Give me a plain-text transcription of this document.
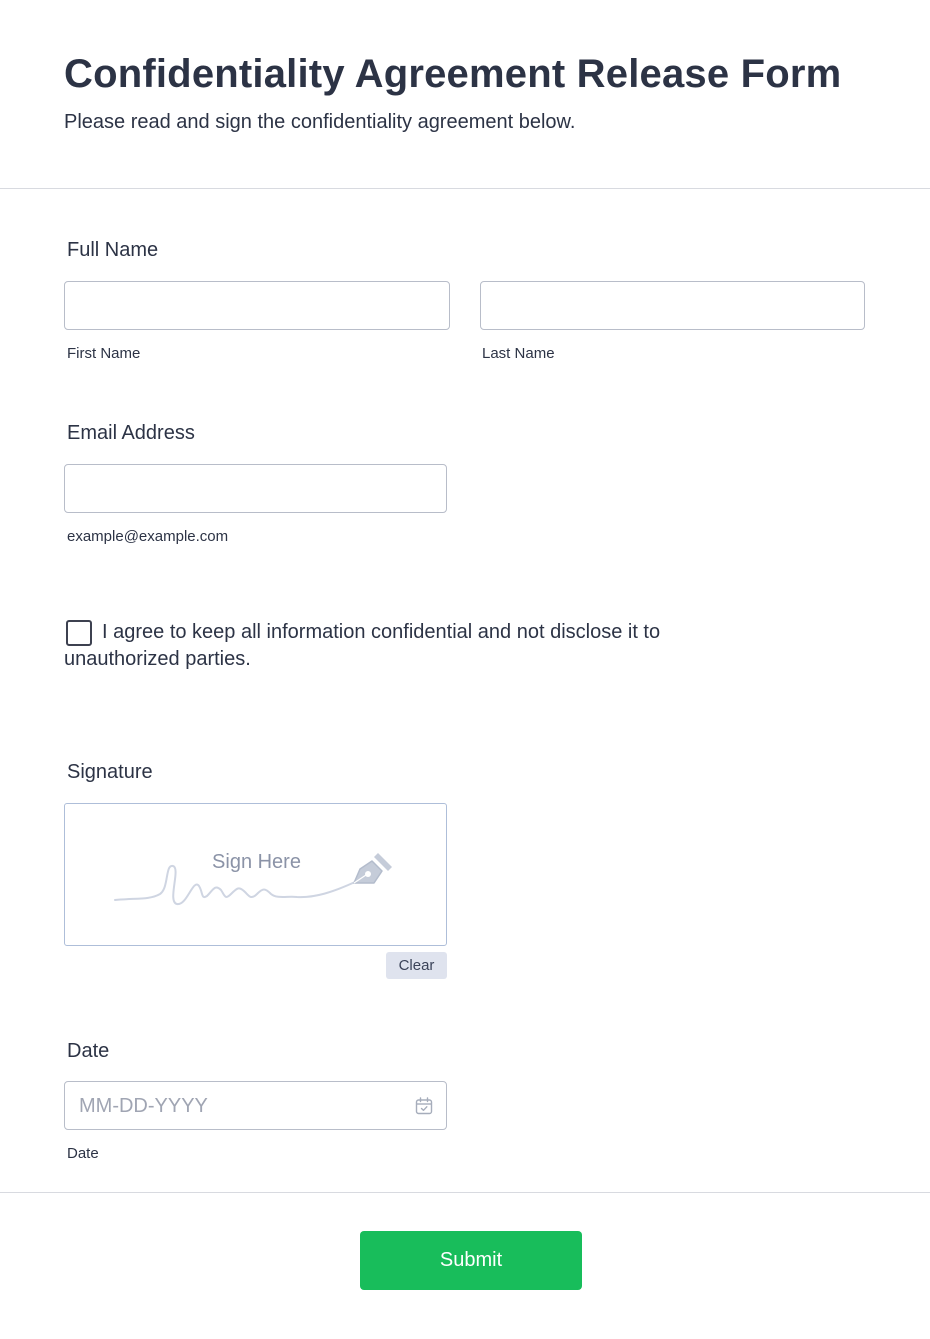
Confidentiality Agreement Release Form
Please read and sign the confidentiality agreement below.
Full Name
First Name	Last Name
Email Address
example@example.com
I agree to keep all information confidential and not disclose it to unauthorized parties.
Signature
Sign Here
Clear
Date
MM-DD-YYYY
Date
Submit
